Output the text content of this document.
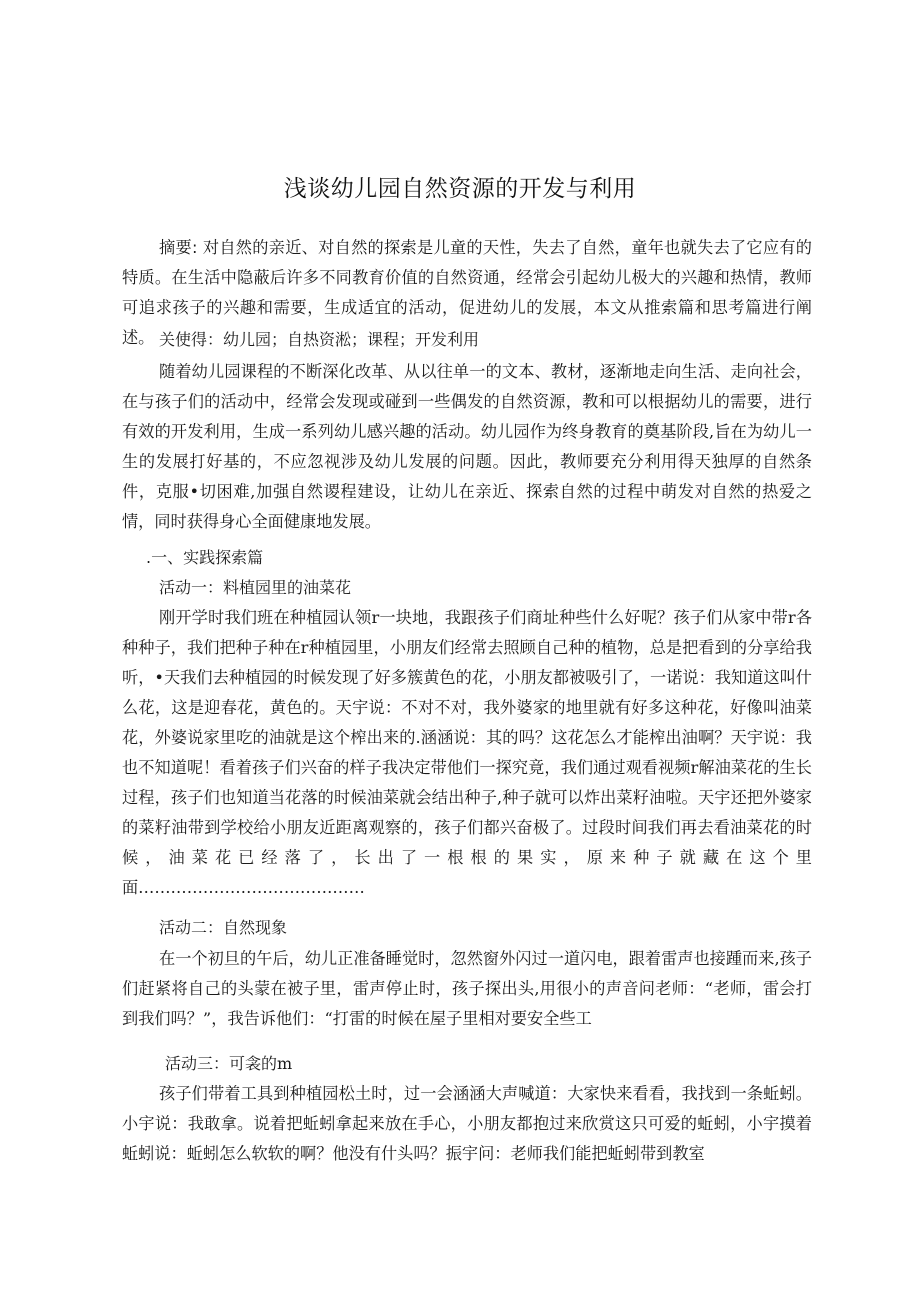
浅谈幼儿园自然资源的开发与利用

摘要: 对自然的亲近、对自然的探索是儿童的天性，失去了自然，童年也就失去了它应有的特质。在生活中隐蔽后许多不同教育价值的自然资通，经常会引起幼儿极大的兴趣和热情，教师可追求孩子的兴趣和需要，生成适宜的活动，促进幼儿的发展，本文从推索篇和思考篇进行阐述。 关使得：幼儿园；自热资淞；课程；开发利用

随着幼儿园课程的不断深化改革、从以往单一的文本、教材，逐渐地走向生活、走向社会，在与孩子们的活动中，经常会发现或碰到一些偶发的自然资源，教和可以根据幼儿的需要，进行有效的开发利用，生成一系列幼儿感兴趣的活动。幼儿园作为终身教育的奠基阶段,旨在为幼儿一生的发展打好基的，不应忽视涉及幼儿发展的问题。因此，教师要充分利用得天独厚的自然条件，克服•切困难,加强自然谡程建设，让幼儿在亲近、探索自然的过程中萌发对自然的热爱之情，同时获得身心全面健康地发展。

.一、实践探索篇

活动一：料植园里的油菜花

刚开学时我们班在种植园认领r一块地，我跟孩子们商址种些什么好呢？孩子们从家中带r各种种子，我们把种子种在r种植园里，小朋友们经常去照顾自己种的植物，总是把看到的分享给我听，•天我们去种植园的时候发现了好多簇黄色的花，小朋友都被吸引了，一诺说：我知道这叫什么花，这是迎春花，黄色的。天宇说：不对不对，我外婆家的地里就有好多这种花，好像叫油菜花，外婆说家里吃的油就是这个榨出来的.涵涵说：其的吗？这花怎么才能榨出油啊？天宇说：我也不知道呢！看着孩子们兴奋的样子我决定带他们一探究竟，我们通过观看视频r解油菜花的生长过程，孩子们也知道当花落的时候油菜就会结出种子,种子就可以炸出菜籽油啦。天宇还把外婆家的菜籽油带到学校给小朋友近距离观察的，孩子们都兴奋极了。过段时间我们再去看油菜花的时候，油菜花已经落了，长出了一根根的果实，原来种子就藏在这个里面……………………………………

活动二：自然现象

在一个初旦的午后，幼儿正准备睡觉时，忽然窗外闪过一道闪电，跟着雷声也接踵而来,孩子们赶紧将自己的头蒙在被子里，雷声停止时，孩子探出头,用很小的声音问老师：“老师，雷会打到我们吗？”，我告诉他们：“打雷的时候在屋子里相对要安全些工

活动三：可衾的m

孩子们带着工具到种植园松土时，过一会涵涵大声喊道：大家快来看看，我找到一条蚯蚓。小宇说：我敢拿。说着把蚯蚓拿起来放在手心，小朋友都抱过来欣赏这只可爱的蚯蚓，小宇摸着蚯蚓说：蚯蚓怎么软软的啊？他没有什头吗？振宇问：老师我们能把蚯蚓带到教室
